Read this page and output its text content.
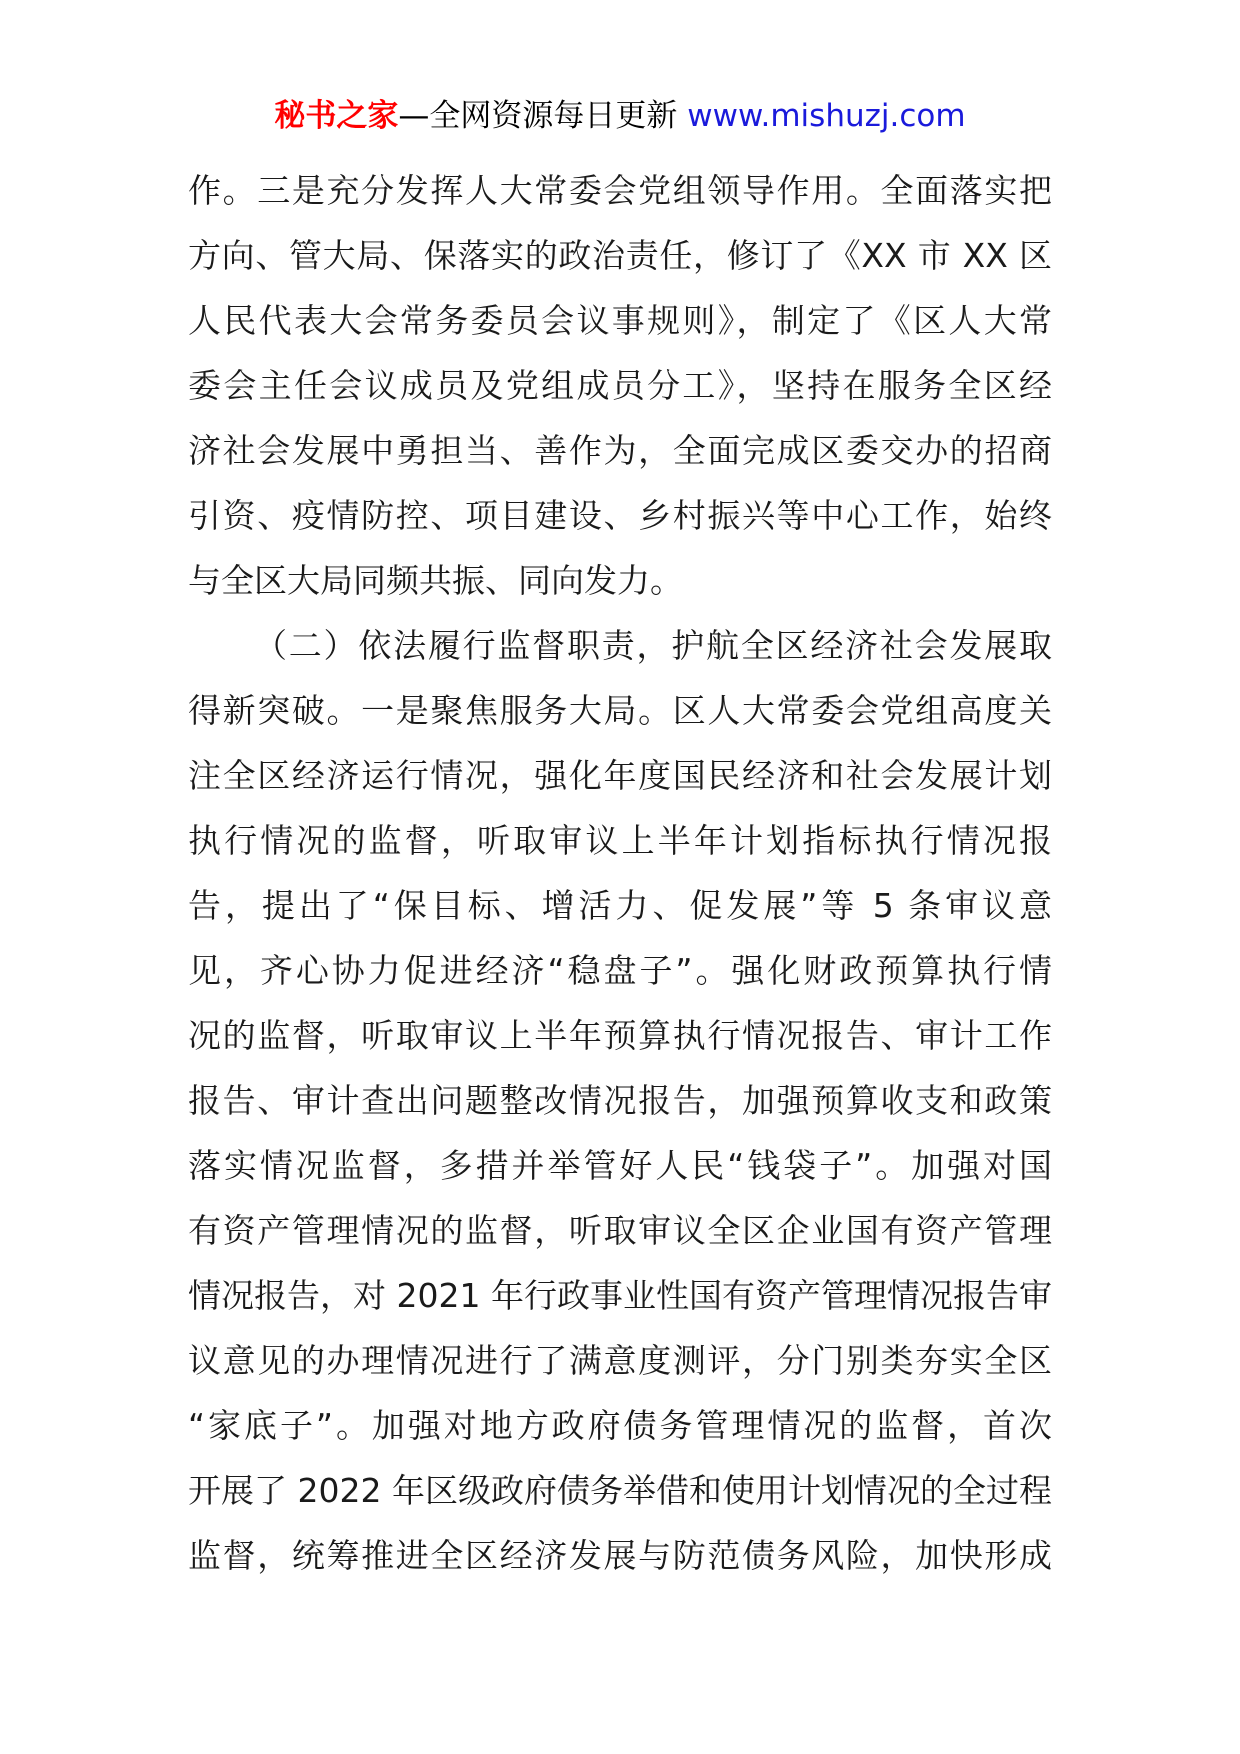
秘书之家—全网资源每日更新 www.mishuzj.com
作。三是充分发挥人大常委会党组领导作用。全面落实把
方向、管大局、保落实的政治责任，修订了《XX 市 XX 区
人民代表大会常务委员会议事规则》，制定了《区人大常
委会主任会议成员及党组成员分工》，坚持在服务全区经
济社会发展中勇担当、善作为，全面完成区委交办的招商
引资、疫情防控、项目建设、乡村振兴等中心工作，始终
与全区大局同频共振、同向发力。
（二）依法履行监督职责，护航全区经济社会发展取
得新突破。一是聚焦服务大局。区人大常委会党组高度关
注全区经济运行情况，强化年度国民经济和社会发展计划
执行情况的监督，听取审议上半年计划指标执行情况报
告，提出了“保目标、增活力、促发展”等 5 条审议意
见，齐心协力促进经济“稳盘子”。强化财政预算执行情
况的监督，听取审议上半年预算执行情况报告、审计工作
报告、审计查出问题整改情况报告，加强预算收支和政策
落实情况监督，多措并举管好人民“钱袋子”。加强对国
有资产管理情况的监督，听取审议全区企业国有资产管理
情况报告，对 2021 年行政事业性国有资产管理情况报告审
议意见的办理情况进行了满意度测评，分门别类夯实全区
“家底子”。加强对地方政府债务管理情况的监督，首次
开展了 2022 年区级政府债务举借和使用计划情况的全过程
监督，统筹推进全区经济发展与防范债务风险，加快形成
